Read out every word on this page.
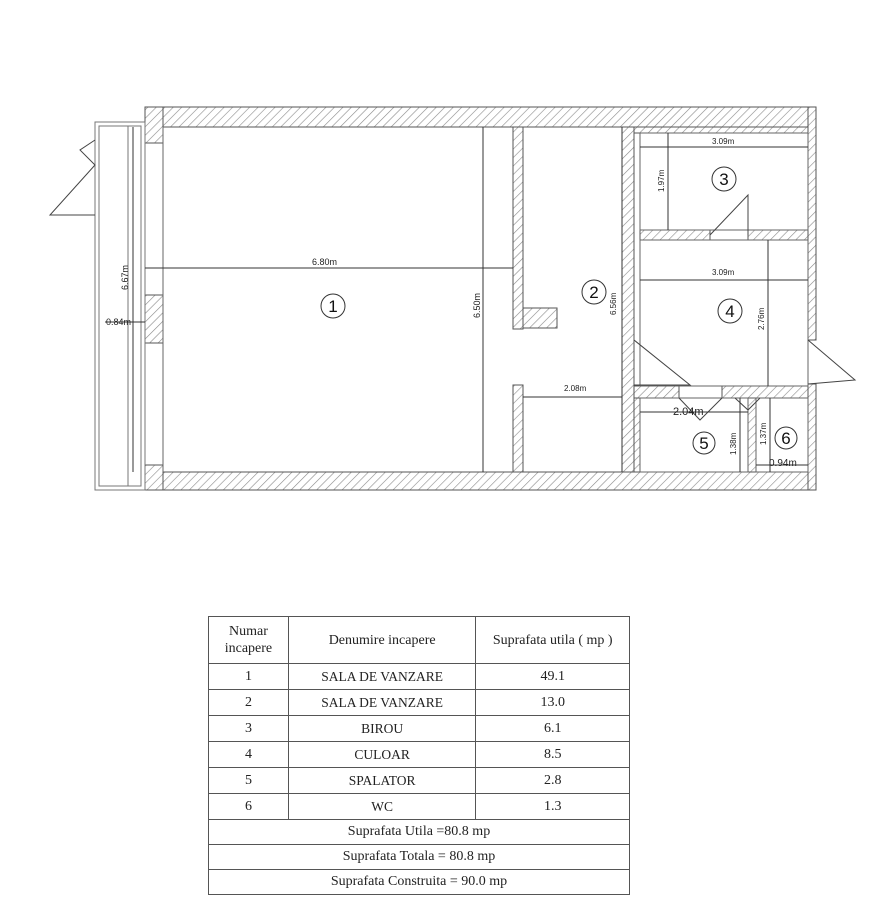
6.80m
6.50m
6.67m
0.84m
6.56m
2.08m
3.09m
1.97m
3.09m
2.76m
2.04m
1.38m	1.37m
0.94m
1
2
3
4
5	6
Numar incapere	Denumire incapere	Suprafata utila ( mp )
1	SALA DE VANZARE	49.1
2	SALA DE VANZARE	13.0
3	BIROU	6.1
4	CULOAR	8.5
5	SPALATOR	2.8
6	WC	1.3
Suprafata Utila =80.8 mp		
Suprafata Totala = 80.8 mp		
Suprafata Construita = 90.0 mp		
